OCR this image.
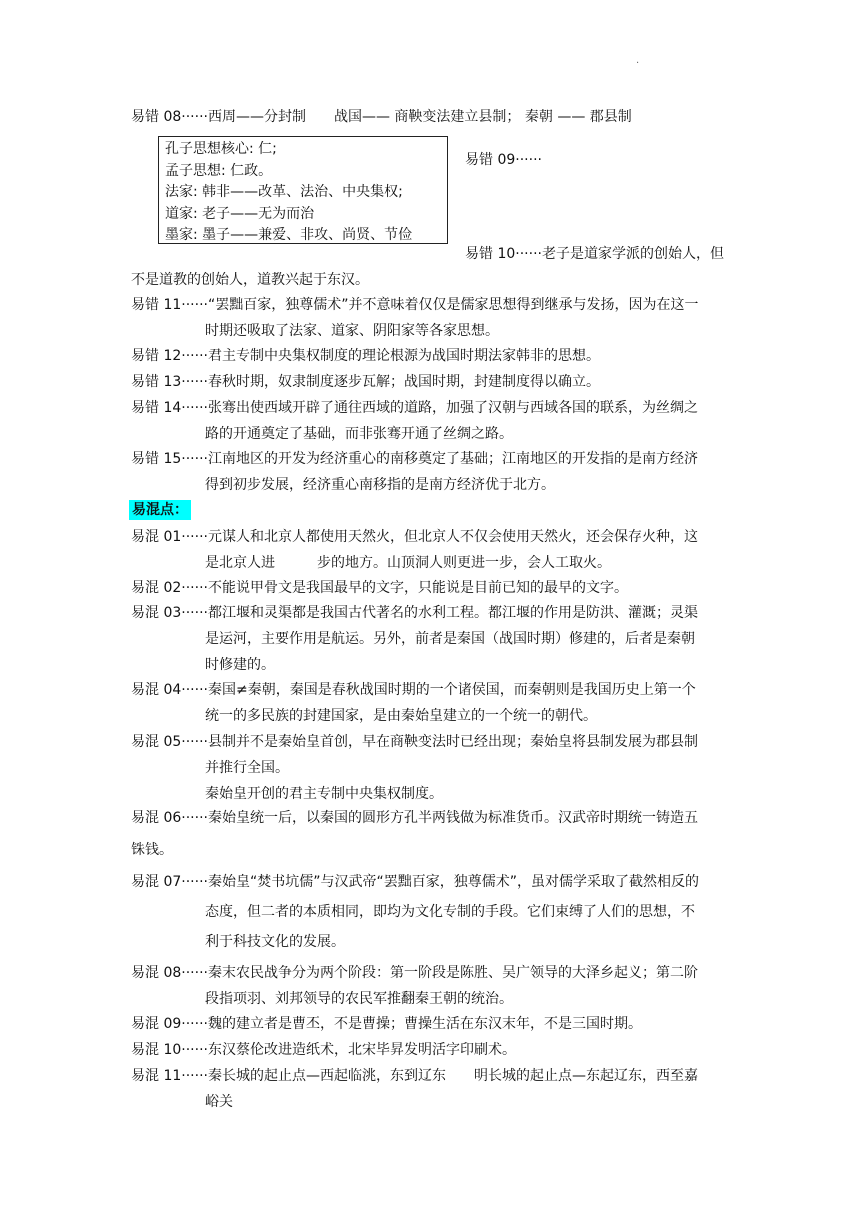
·
易错 08······西周——分封制　　战国—— 商鞅变法建立县制； 秦朝 —— 郡县制
孔子思想核心: 仁;
孟子思想: 仁政。
法家: 韩非——改革、法治、中央集权;
道家: 老子——无为而治
墨家: 墨子——兼爱、非攻、尚贤、节俭
易错 09······
易错 10······老子是道家学派的创始人，但
不是道教的创始人，道教兴起于东汉。
易错 11······“罢黜百家，独尊儒术”并不意味着仅仅是儒家思想得到继承与发扬，因为在这一
时期还吸取了法家、道家、阴阳家等各家思想。
易错 12······君主专制中央集权制度的理论根源为战国时期法家韩非的思想。
易错 13······春秋时期，奴隶制度逐步瓦解；战国时期，封建制度得以确立。
易错 14······张骞出使西域开辟了通往西域的道路，加强了汉朝与西域各国的联系，为丝绸之
路的开通奠定了基础，而非张骞开通了丝绸之路。
易错 15······江南地区的开发为经济重心的南移奠定了基础；江南地区的开发指的是南方经济
得到初步发展，经济重心南移指的是南方经济优于北方。
易混点：
易混 01······元谋人和北京人都使用天然火，但北京人不仅会使用天然火，还会保存火种，这
是北京人进　　　步的地方。山顶洞人则更进一步，会人工取火。
易混 02······不能说甲骨文是我国最早的文字，只能说是目前已知的最早的文字。
易混 03······都江堰和灵渠都是我国古代著名的水利工程。都江堰的作用是防洪、灌溉；灵渠
是运河，主要作用是航运。另外，前者是秦国（战国时期）修建的，后者是秦朝
时修建的。
易混 04······秦国≠秦朝，秦国是春秋战国时期的一个诸侯国，而秦朝则是我国历史上第一个
统一的多民族的封建国家，是由秦始皇建立的一个统一的朝代。
易混 05······县制并不是秦始皇首创，早在商鞅变法时已经出现；秦始皇将县制发展为郡县制
并推行全国。
秦始皇开创的君主专制中央集权制度。
易混 06······秦始皇统一后，以秦国的圆形方孔半两钱做为标准货币。汉武帝时期统一铸造五
铢钱。
易混 07······秦始皇“焚书坑儒”与汉武帝“罢黜百家，独尊儒术”，虽对儒学采取了截然相反的
态度，但二者的本质相同，即均为文化专制的手段。它们束缚了人们的思想，不
利于科技文化的发展。
易混 08······秦末农民战争分为两个阶段：第一阶段是陈胜、吴广领导的大泽乡起义；第二阶
段指项羽、刘邦领导的农民军推翻秦王朝的统治。
易混 09······魏的建立者是曹丕，不是曹操；曹操生活在东汉末年，不是三国时期。
易混 10······东汉蔡伦改进造纸术，北宋毕昇发明活字印刷术。
易混 11······秦长城的起止点—西起临洮，东到辽东　　明长城的起止点—东起辽东，西至嘉
峪关
